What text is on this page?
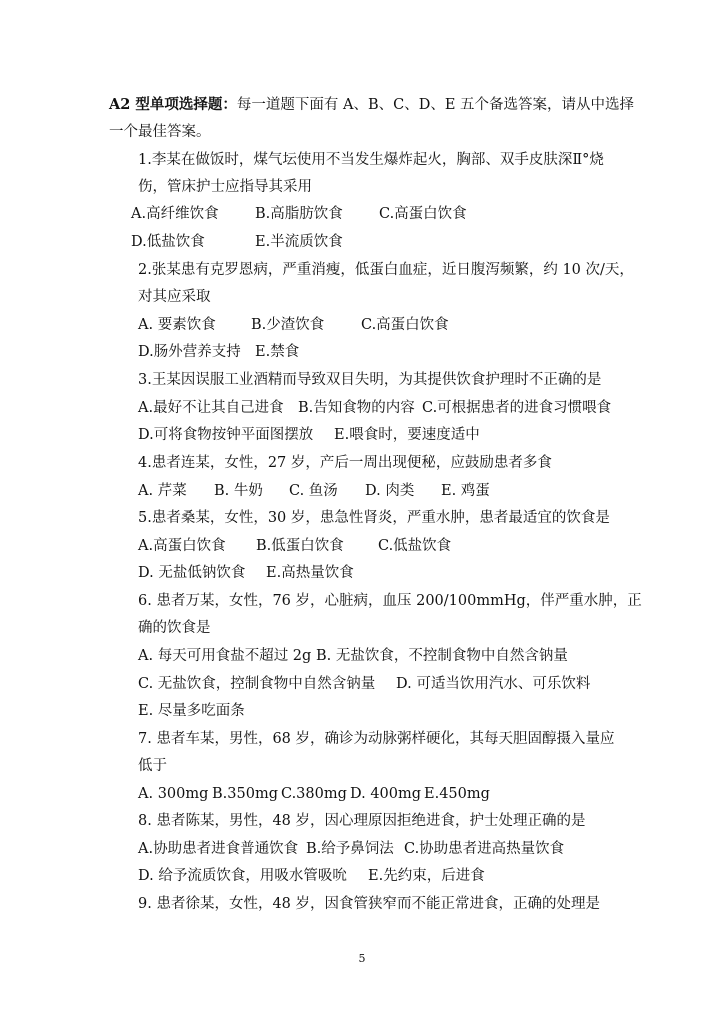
A2 型单项选择题：每一道题下面有 A、B、C、D、E 五个备选答案，请从中选择
一个最佳答案。
1.李某在做饭时，煤气坛使用不当发生爆炸起火，胸部、双手皮肤深Ⅱ°烧
伤，管床护士应指导其采用
A.高纤维饮食	B.高脂肪饮食	C.高蛋白饮食
D.低盐饮食	E.半流质饮食
2.张某患有克罗恩病，严重消瘦，低蛋白血症，近日腹泻频繁，约 10 次/天，
对其应采取
A. 要素饮食	B.少渣饮食	C.高蛋白饮食
D.肠外营养支持 E.禁食
3.王某因误服工业酒精而导致双目失明，为其提供饮食护理时不正确的是
A.最好不让其自己进食 B.告知食物的内容 C.可根据患者的进食习惯喂食
D.可将食物按钟平面图摆放	E.喂食时，要速度适中
4.患者连某，女性，27 岁，产后一周出现便秘，应鼓励患者多食
A. 芹菜	B. 牛奶	C. 鱼汤	D. 肉类	E. 鸡蛋
5.患者桑某，女性，30 岁，患急性肾炎，严重水肿，患者最适宜的饮食是
A.高蛋白饮食	B.低蛋白饮食	C.低盐饮食
D. 无盐低钠饮食	E.高热量饮食
6. 患者万某，女性，76 岁，心脏病，血压 200/100mmHg，伴严重水肿，正
确的饮食是
A. 每天可用食盐不超过 2g B. 无盐饮食，不控制食物中自然含钠量
C. 无盐饮食，控制食物中自然含钠量	D. 可适当饮用汽水、可乐饮料
E. 尽量多吃面条
7. 患者车某，男性，68 岁，确诊为动脉粥样硬化，其每天胆固醇摄入量应
低于
A. 300mg B.350mg C.380mg D. 400mg E.450mg
8. 患者陈某，男性，48 岁，因心理原因拒绝进食，护士处理正确的是
A.协助患者进食普通饮食 B.给予鼻饲法 C.协助患者进高热量饮食
D. 给予流质饮食，用吸水管吸吮	E.先约束，后进食
9. 患者徐某，女性，48 岁，因食管狭窄而不能正常进食，正确的处理是
5
